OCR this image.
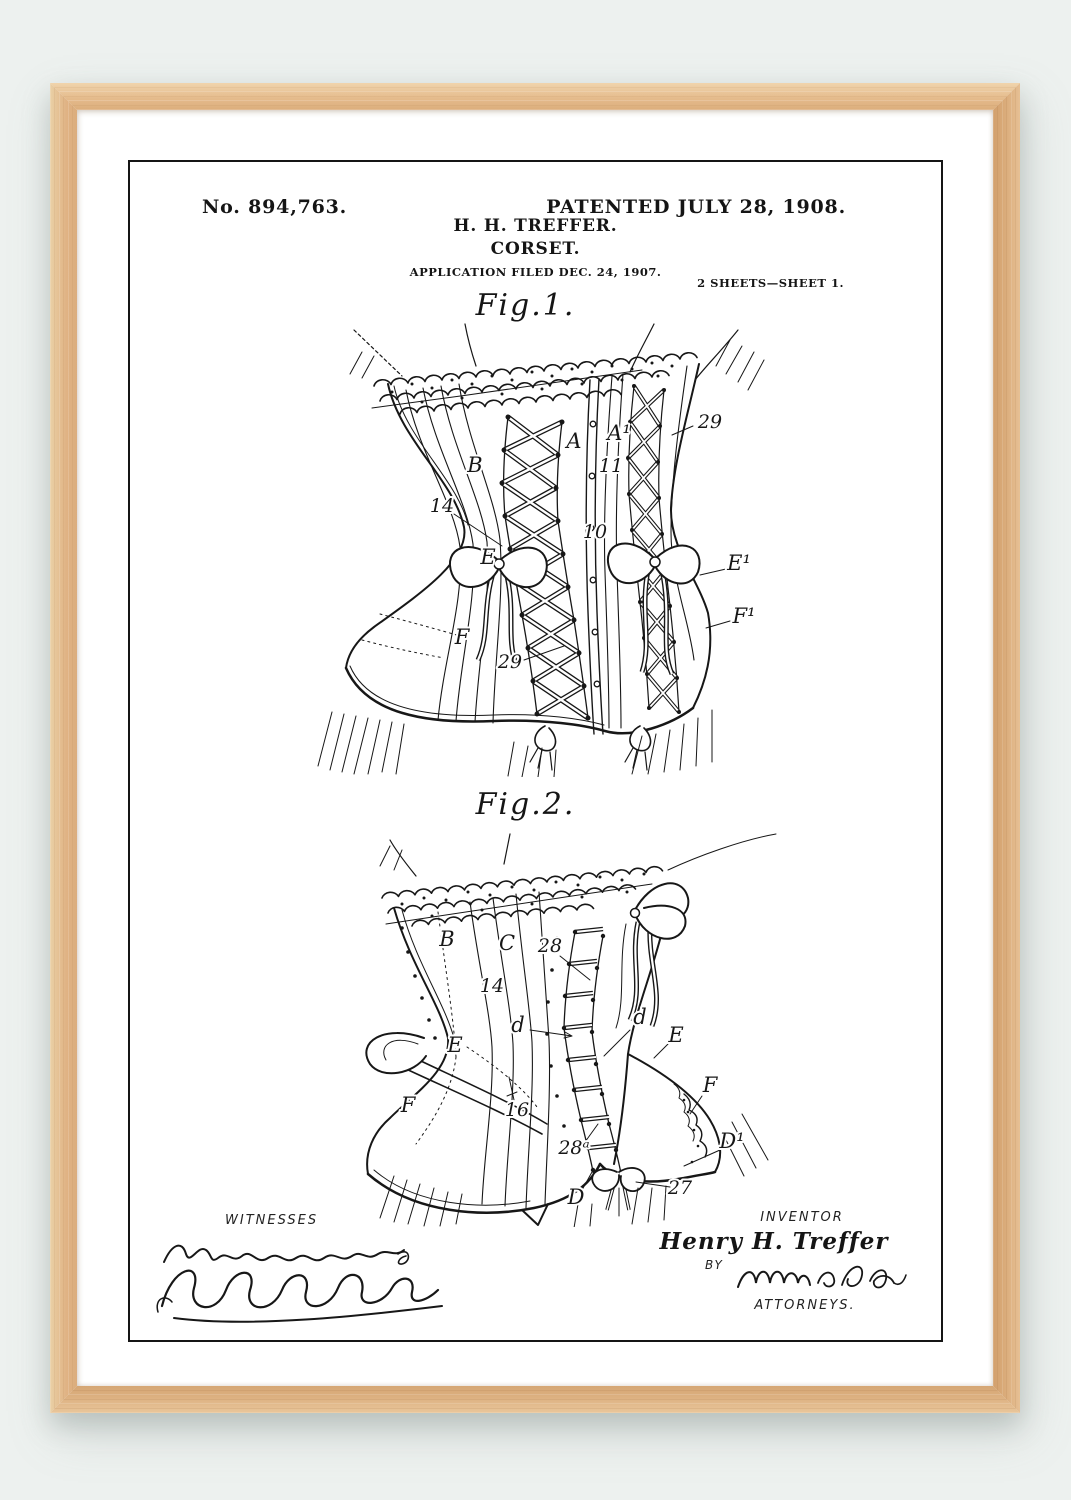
No. 894,763.	PATENTED JULY 28, 1908.
H. H. TREFFER.
CORSET.
APPLICATION FILED DEC. 24, 1907.
2 SHEETS—SHEET 1.
Fig.1.
B
14
E
F
29
A A¹
11
10
29
E¹
F¹
Fig.2.
B C 28
14
d	d
E	E
F
F
16
28ᵃ
D
D¹
27
WITNESSES	INVENTOR
Henry H. Treffer
BY
ATTORNEYS.
